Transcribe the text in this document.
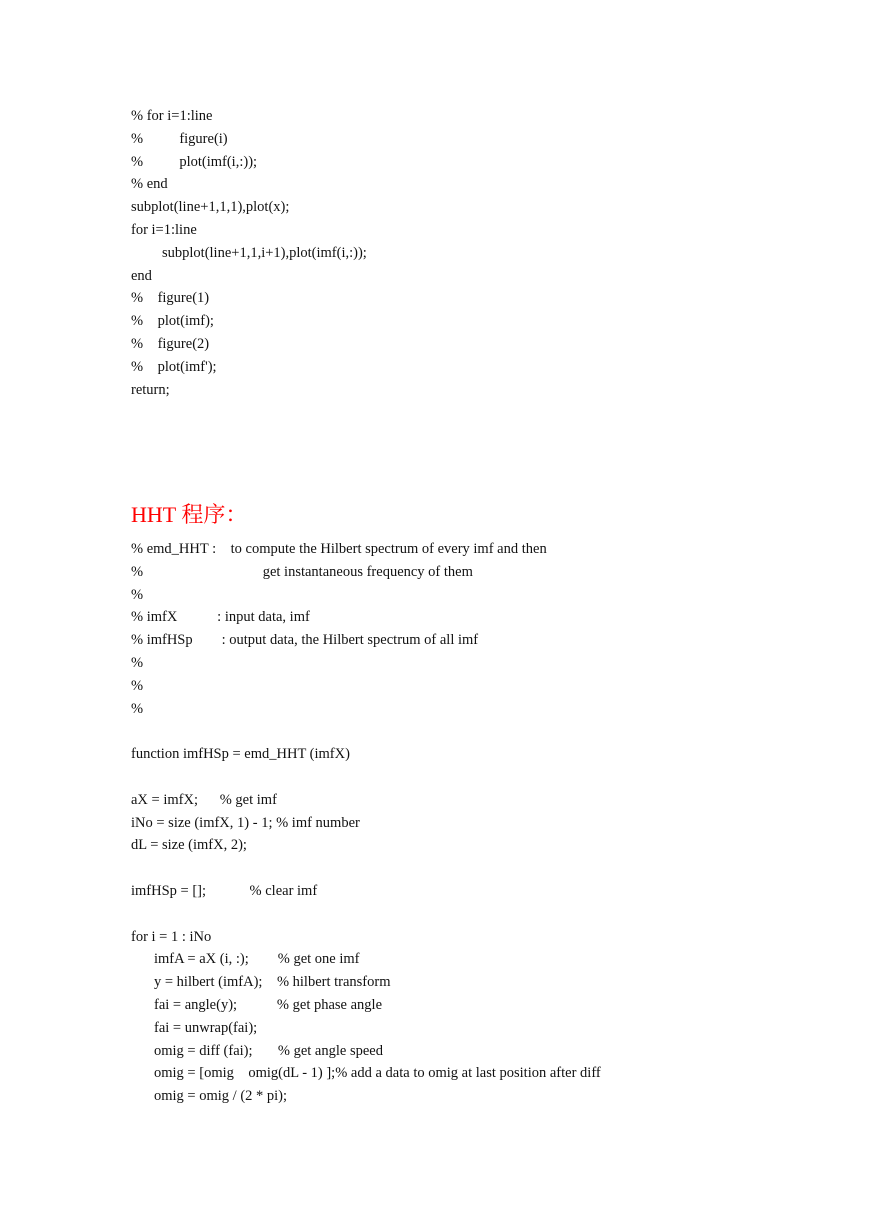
% for i=1:line

%          figure(i)

%          plot(imf(i,:));

% end

subplot(line+1,1,1),plot(x);

for i=1:line

subplot(line+1,1,i+1),plot(imf(i,:));

end

%    figure(1)

%    plot(imf);

%    figure(2)

%    plot(imf');

return;

HHT 程序：

% emd_HHT :    to compute the Hilbert spectrum of every imf and then

%                                 get instantaneous frequency of them

%

% imfX           : input data, imf

% imfHSp        : output data, the Hilbert spectrum of all imf

%

%

%

function imfHSp = emd_HHT (imfX)

aX = imfX;      % get imf

iNo = size (imfX, 1) - 1; % imf number

dL = size (imfX, 2);

imfHSp = [];            % clear imf

for i = 1 : iNo

imfA = aX (i, :);        % get one imf

y = hilbert (imfA);    % hilbert transform

fai = angle(y);           % get phase angle

fai = unwrap(fai);

omig = diff (fai);       % get angle speed

omig = [omig    omig(dL - 1) ];% add a data to omig at last position after diff

omig = omig / (2 * pi);
